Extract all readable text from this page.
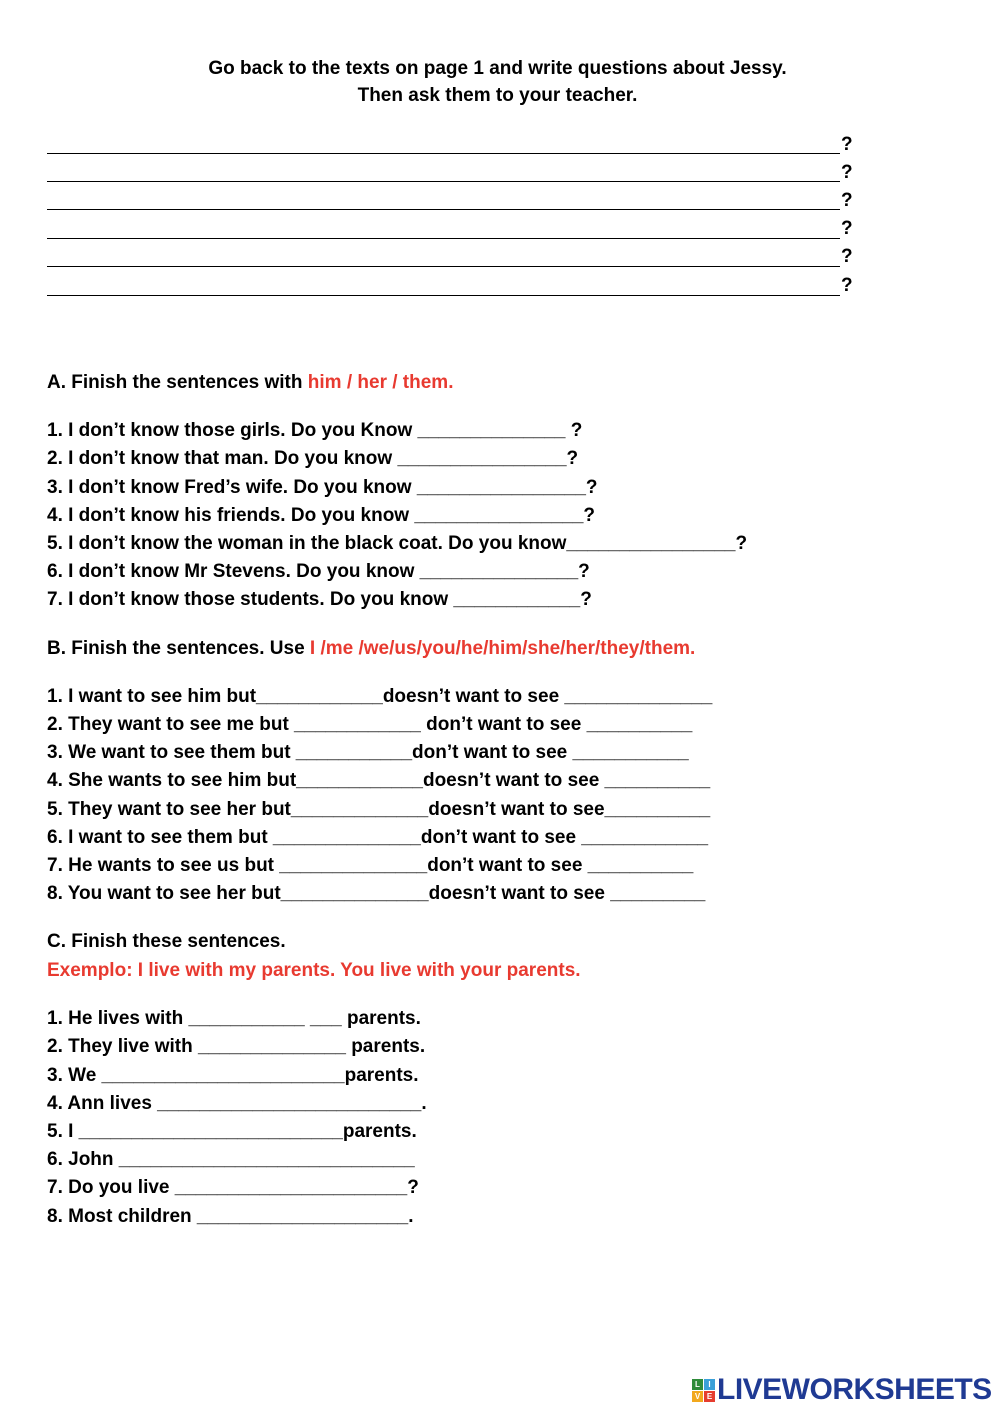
Go back to the texts on page 1 and write questions about Jessy.
Then ask them to your teacher.
?
?
?
?
?
?
A. Finish the sentences with him / her / them.
1. I don’t know those girls. Do you Know ______________ ?
2. I don’t know that man. Do you know ________________?
3. I don’t know Fred’s wife. Do you know ________________?
4. I don’t know his friends. Do you know ________________?
5. I don’t know the woman in the black coat. Do you know________________?
6. I don’t know Mr Stevens. Do you know _______________?
7. I don’t know those students. Do you know ____________?
B. Finish the sentences. Use I /me /we/us/you/he/him/she/her/they/them.
1. I want to see him but____________doesn’t want to see ______________
2. They want to see me but ____________ don’t want to see __________
3. We want to see them but ___________don’t want to see ___________
4. She wants to see him but____________doesn’t want to see __________
5. They want to see her but_____________doesn’t want to see__________
6. I want to see them but ______________don’t want to see ____________
7. He wants to see us but ______________don’t want to see __________
8. You want to see her but______________doesn’t want to see _________
C. Finish these sentences.
Exemplo: I live with my parents. You live with your parents.
1. He lives with ___________ ___ parents.
2. They live with ______________ parents.
3. We _______________________parents.
4. Ann lives _________________________.
5. I _________________________parents.
6. John ____________________________
7. Do you live ______________________?
8. Most children ____________________.
L	I
V E LIVEWORKSHEETS
